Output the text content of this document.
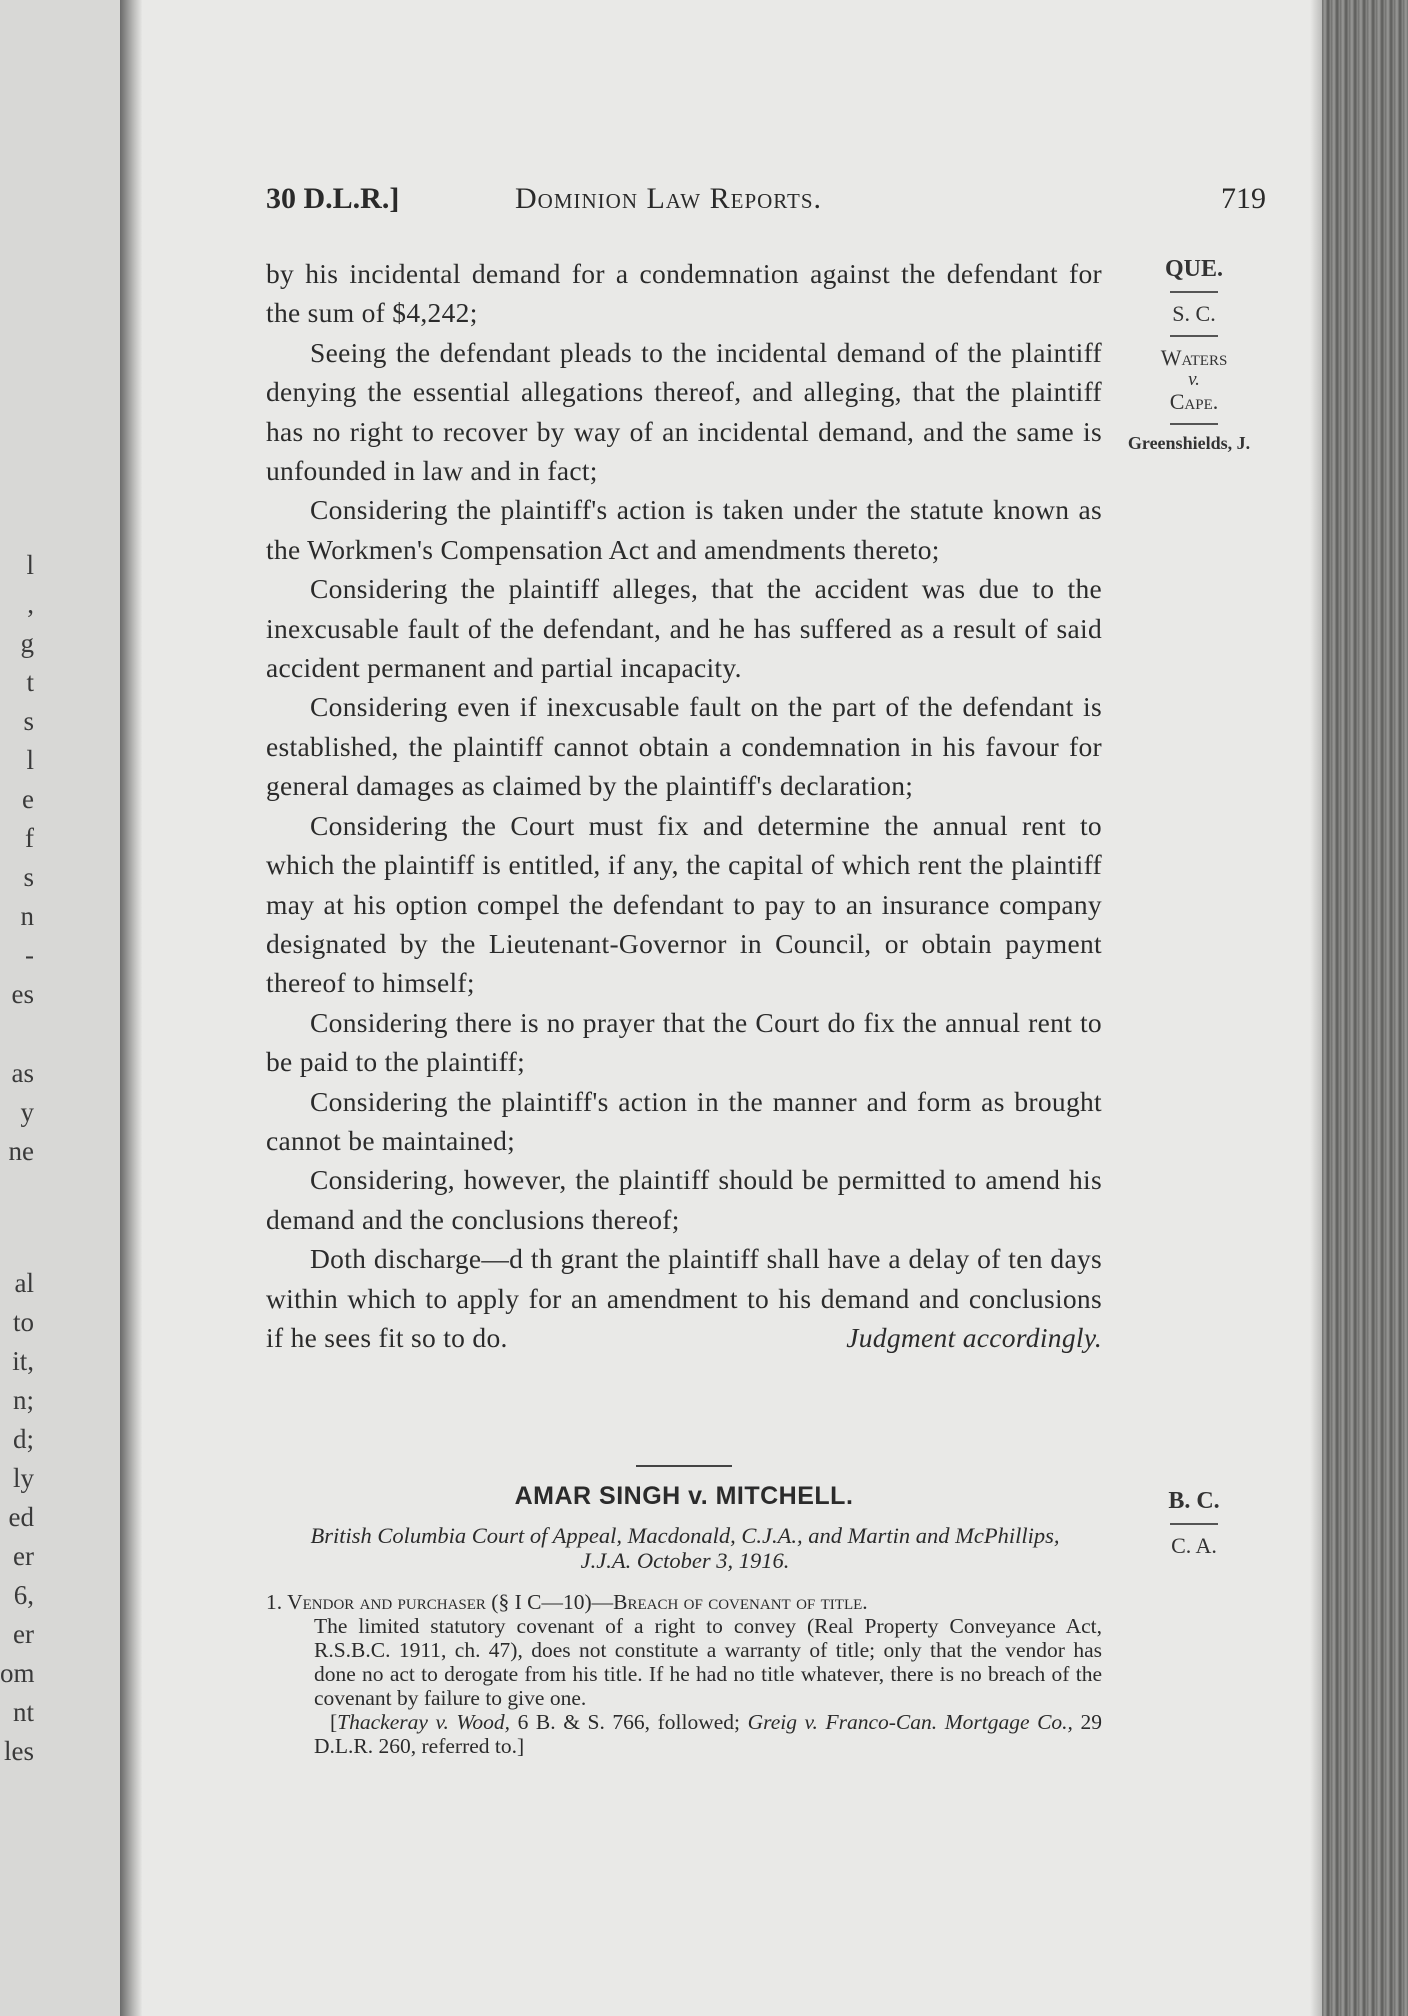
l
,
g
t
s
l
e
f
s
n
-
es
as
y
ne
al
to
it,
n;
d;
ly
ed
er
6,
er
om
nt
les
30 D.L.R.]	Dominion Law Reports.	719
QUE.
S. C.
Waters
v.
Cape.
Greenshields, J.

by his incidental demand for a condemnation against the defendant for the sum of $4,242;

Seeing the defendant pleads to the incidental demand of the plaintiff denying the essential allegations thereof, and alleging, that the plaintiff has no right to recover by way of an incidental demand, and the same is unfounded in law and in fact;

Considering the plaintiff's action is taken under the statute known as the Workmen's Compensation Act and amendments thereto;

Considering the plaintiff alleges, that the accident was due to the inexcusable fault of the defendant, and he has suffered as a result of said accident permanent and partial incapacity.

Considering even if inexcusable fault on the part of the defendant is established, the plaintiff cannot obtain a condemnation in his favour for general damages as claimed by the plaintiff's declaration;

Considering the Court must fix and determine the annual rent to which the plaintiff is entitled, if any, the capital of which rent the plaintiff may at his option compel the defendant to pay to an insurance company designated by the Lieutenant-Governor in Council, or obtain payment thereof to himself;

Considering there is no prayer that the Court do fix the annual rent to be paid to the plaintiff;

Considering the plaintiff's action in the manner and form as brought cannot be maintained;

Considering, however, the plaintiff should be permitted to amend his demand and the conclusions thereof;

Doth discharge—d th grant the plaintiff shall have a delay of ten days within which to apply for an amendment to his demand and conclusions if he sees fit so to do.	Judgment accordingly.

AMAR SINGH v. MITCHELL.	B. C.
C. A.
British Columbia Court of Appeal, Macdonald, C.J.A., and Martin and McPhillips, J.J.A. October 3, 1916.
1. Vendor and purchaser (§ I C—10)—Breach of covenant of title.
The limited statutory covenant of a right to convey (Real Property Conveyance Act, R.S.B.C. 1911, ch. 47), does not constitute a warranty of title; only that the vendor has done no act to derogate from his title. If he had no title whatever, there is no breach of the covenant by failure to give one.
[Thackeray v. Wood, 6 B. & S. 766, followed; Greig v. Franco-Can. Mortgage Co., 29 D.L.R. 260, referred to.]
